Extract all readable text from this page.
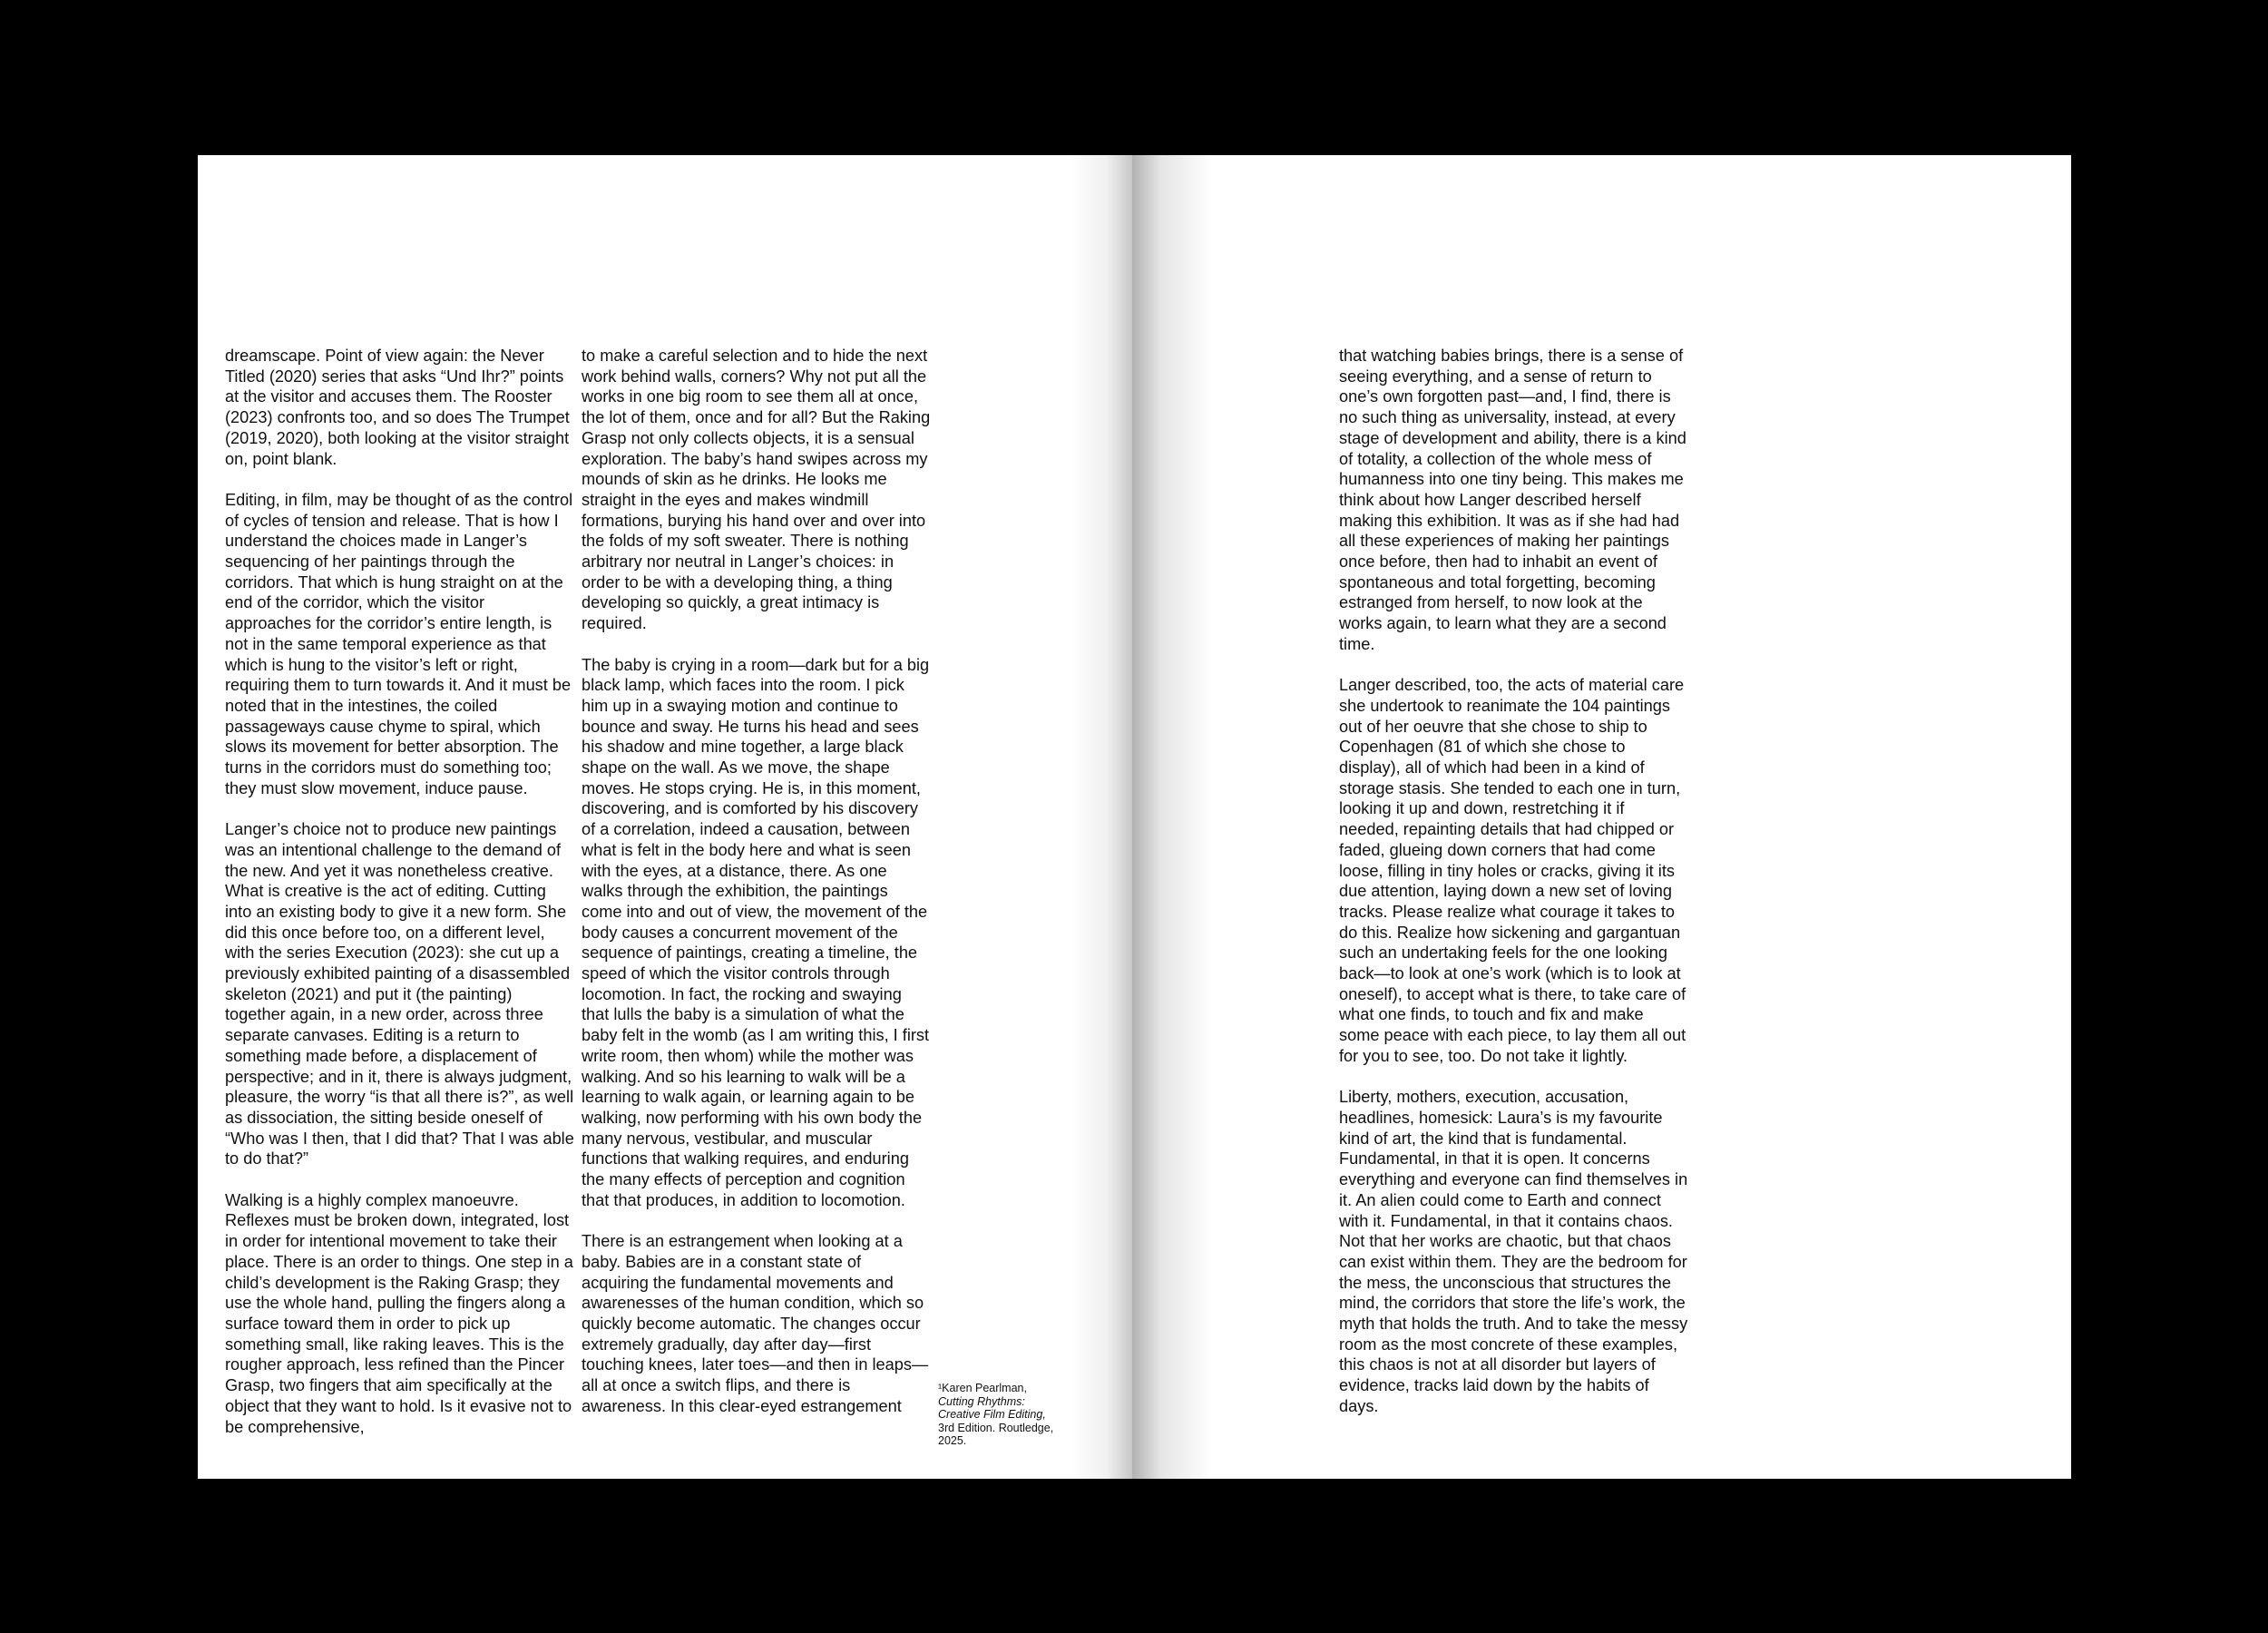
dreamscape. Point of view again: the Never Titled (2020) series that asks “Und Ihr?” points at the visitor and accuses them. The Rooster (2023) confronts too, and so does The Trumpet (2019, 2020), both looking at the visitor straight on, point blank.

Editing, in film, may be thought of as the control of cycles of tension and release. That is how I understand the choices made in Langer’s sequencing of her paintings through the corridors. That which is hung straight on at the end of the corridor, which the visitor approaches for the corridor’s entire length, is not in the same temporal experience as that which is hung to the visitor’s left or right, requiring them to turn towards it. And it must be noted that in the intestines, the coiled passageways cause chyme to spiral, which slows its movement for better absorption. The turns in the corridors must do something too; they must slow movement, induce pause.

Langer’s choice not to produce new paintings was an intentional challenge to the demand of the new. And yet it was nonetheless creative. What is creative is the act of editing. Cutting into an existing body to give it a new form. She did this once before too, on a different level, with the series Execution (2023): she cut up a previously exhibited painting of a disassembled skeleton (2021) and put it (the painting) together again, in a new order, across three separate canvases. Editing is a return to something made before, a displacement of perspective; and in it, there is always judgment, pleasure, the worry “is that all there is?”, as well as dissociation, the sitting beside oneself of “Who was I then, that I did that? That I was able to do that?”

Walking is a highly complex manoeuvre. Reflexes must be broken down, integrated, lost in order for intentional movement to take their place. There is an order to things. One step in a child’s development is the Raking Grasp; they use the whole hand, pulling the fingers along a surface toward them in order to pick up something small, like raking leaves. This is the rougher approach, less refined than the Pincer Grasp, two fingers that aim specifically at the object that they want to hold. Is it evasive not to be comprehensive,

to make a careful selection and to hide the next work behind walls, corners? Why not put all the works in one big room to see them all at once, the lot of them, once and for all? But the Raking Grasp not only collects objects, it is a sensual exploration. The baby’s hand swipes across my mounds of skin as he drinks. He looks me straight in the eyes and makes windmill formations, burying his hand over and over into the folds of my soft sweater. There is nothing arbitrary nor neutral in Langer’s choices: in order to be with a developing thing, a thing developing so quickly, a great intimacy is required.

The baby is crying in a room—dark but for a big black lamp, which faces into the room. I pick him up in a swaying motion and continue to bounce and sway. He turns his head and sees his shadow and mine together, a large black shape on the wall. As we move, the shape moves. He stops crying. He is, in this moment, discovering, and is comforted by his discovery of a correlation, indeed a causation, between what is felt in the body here and what is seen with the eyes, at a distance, there. As one walks through the exhibition, the paintings come into and out of view, the movement of the body causes a concurrent movement of the sequence of paintings, creating a timeline, the speed of which the visitor controls through locomotion. In fact, the rocking and swaying that lulls the baby is a simulation of what the baby felt in the womb (as I am writing this, I first write room, then whom) while the mother was walking. And so his learning to walk will be a learning to walk again, or learning again to be walking, now performing with his own body the many nervous, vestibular, and muscular functions that walking requires, and enduring the many effects of perception and cognition that that produces, in addition to locomotion.

There is an estrangement when looking at a baby. Babies are in a constant state of acquiring the fundamental movements and awarenesses of the human condition, which so quickly become automatic. The changes occur extremely gradually, day after day—first touching knees, later toes—and then in leaps—all at once a switch flips, and there is awareness. In this clear-eyed estrangement

¹Karen Pearlman,
Cutting Rhythms: Creative Film Editing,
3rd Edition. Routledge, 2025.

that watching babies brings, there is a sense of seeing everything, and a sense of return to one’s own forgotten past—and, I find, there is no such thing as universality, instead, at every stage of development and ability, there is a kind of totality, a collection of the whole mess of humanness into one tiny being. This makes me think about how Langer described herself making this exhibition. It was as if she had had all these experiences of making her paintings once before, then had to inhabit an event of spontaneous and total forgetting, becoming estranged from herself, to now look at the works again, to learn what they are a second time.

Langer described, too, the acts of material care she undertook to reanimate the 104 paintings out of her oeuvre that she chose to ship to Copenhagen (81 of which she chose to display), all of which had been in a kind of storage stasis. She tended to each one in turn, looking it up and down, restretching it if needed, repainting details that had chipped or faded, glueing down corners that had come loose, filling in tiny holes or cracks, giving it its due attention, laying down a new set of loving tracks. Please realize what courage it takes to do this. Realize how sickening and gargantuan such an undertaking feels for the one looking back—to look at one’s work (which is to look at oneself), to accept what is there, to take care of what one finds, to touch and fix and make some peace with each piece, to lay them all out for you to see, too. Do not take it lightly.

Liberty, mothers, execution, accusation, headlines, homesick: Laura’s is my favourite kind of art, the kind that is fundamental. Fundamental, in that it is open. It concerns everything and everyone can find themselves in it. An alien could come to Earth and connect with it. Fundamental, in that it contains chaos. Not that her works are chaotic, but that chaos can exist within them. They are the bedroom for the mess, the unconscious that structures the mind, the corridors that store the life’s work, the myth that holds the truth. And to take the messy room as the most concrete of these examples, this chaos is not at all disorder but layers of evidence, tracks laid down by the habits of days.
